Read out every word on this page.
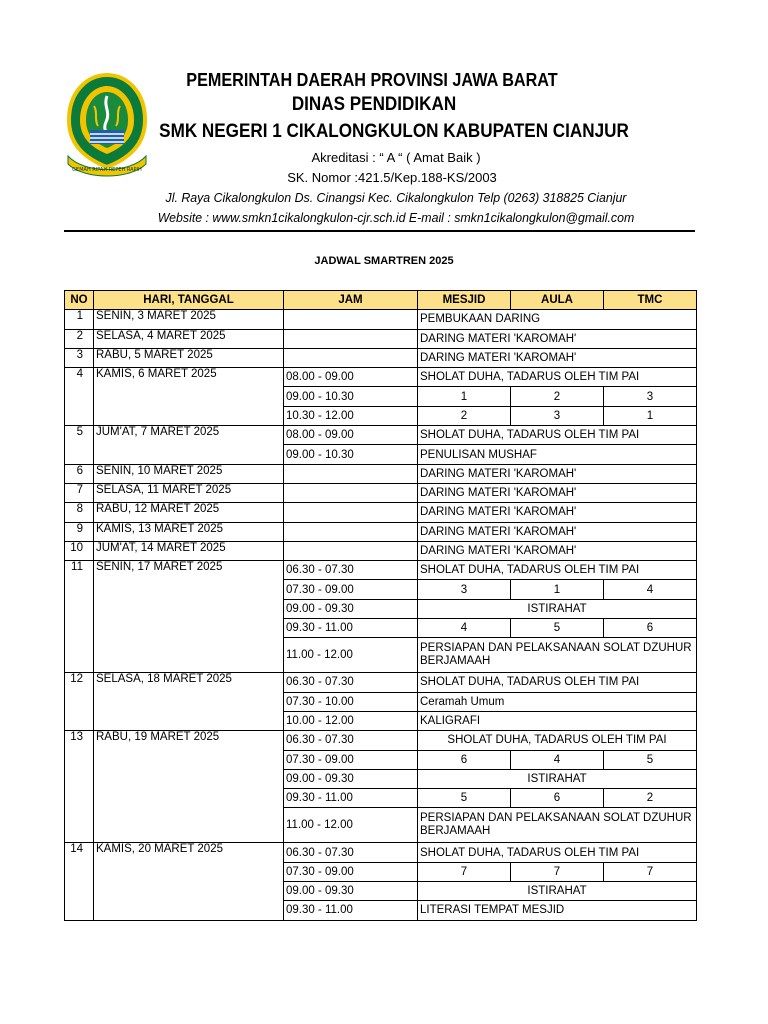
GEMAH RIPAH REPEH RAPIH
PEMERINTAH DAERAH PROVINSI JAWA BARAT
DINAS PENDIDIKAN
SMK NEGERI 1 CIKALONGKULON KABUPATEN CIANJUR
Akreditasi : “ A “ ( Amat Baik )
SK. Nomor :421.5/Kep.188-KS/2003
Jl. Raya Cikalongkulon Ds. Cinangsi Kec. Cikalongkulon Telp (0263) 318825 Cianjur
Website : www.smkn1cikalongkulon-cjr.sch.id E-mail : smkn1cikalongkulon@gmail.com
JADWAL SMARTREN 2025
NO	HARI, TANGGAL	JAM	MESJID	AULA	TMC
1	SENIN, 3 MARET 2025		PEMBUKAAN DARING		
2	SELASA, 4 MARET 2025		DARING MATERI 'KAROMAH'		
3	RABU, 5 MARET 2025		DARING MATERI 'KAROMAH'		
4	KAMIS, 6 MARET 2025	08.00 - 09.00	SHOLAT DUHA, TADARUS OLEH TIM PAI		
		09.00 - 10.30	1	2	3
		10.30 - 12.00	2	3	1
5	JUM'AT, 7 MARET 2025	08.00 - 09.00	SHOLAT DUHA, TADARUS OLEH TIM PAI		
		09.00 - 10.30	PENULISAN MUSHAF		
6	SENIN, 10 MARET 2025		DARING MATERI 'KAROMAH'		
7	SELASA, 11 MARET 2025		DARING MATERI 'KAROMAH'		
8	RABU, 12 MARET 2025		DARING MATERI 'KAROMAH'		
9	KAMIS, 13 MARET 2025		DARING MATERI 'KAROMAH'		
10	JUM'AT, 14 MARET 2025		DARING MATERI 'KAROMAH'		
11	SENIN, 17 MARET 2025	06.30 - 07.30	SHOLAT DUHA, TADARUS OLEH TIM PAI		
		07.30 - 09.00	3	1	4
		09.00 - 09.30	ISTIRAHAT		
		09.30 - 11.00	4	5	6
		11.00 - 12.00	PERSIAPAN DAN PELAKSANAAN SOLAT DZUHUR BERJAMAAH		
12	SELASA, 18 MARET 2025	06.30 - 07.30	SHOLAT DUHA, TADARUS OLEH TIM PAI		
		07.30 - 10.00	Ceramah Umum		
		10.00 - 12.00	KALIGRAFI		
13	RABU, 19 MARET 2025	06.30 - 07.30	SHOLAT DUHA, TADARUS OLEH TIM PAI		
		07.30 - 09.00	6	4	5
		09.00 - 09.30	ISTIRAHAT		
		09.30 - 11.00	5	6	2
		11.00 - 12.00	PERSIAPAN DAN PELAKSANAAN SOLAT DZUHUR BERJAMAAH		
14	KAMIS, 20 MARET 2025	06.30 - 07.30	SHOLAT DUHA, TADARUS OLEH TIM PAI		
		07.30 - 09.00	7	7	7
		09.00 - 09.30	ISTIRAHAT		
		09.30 - 11.00	LITERASI TEMPAT MESJID		
